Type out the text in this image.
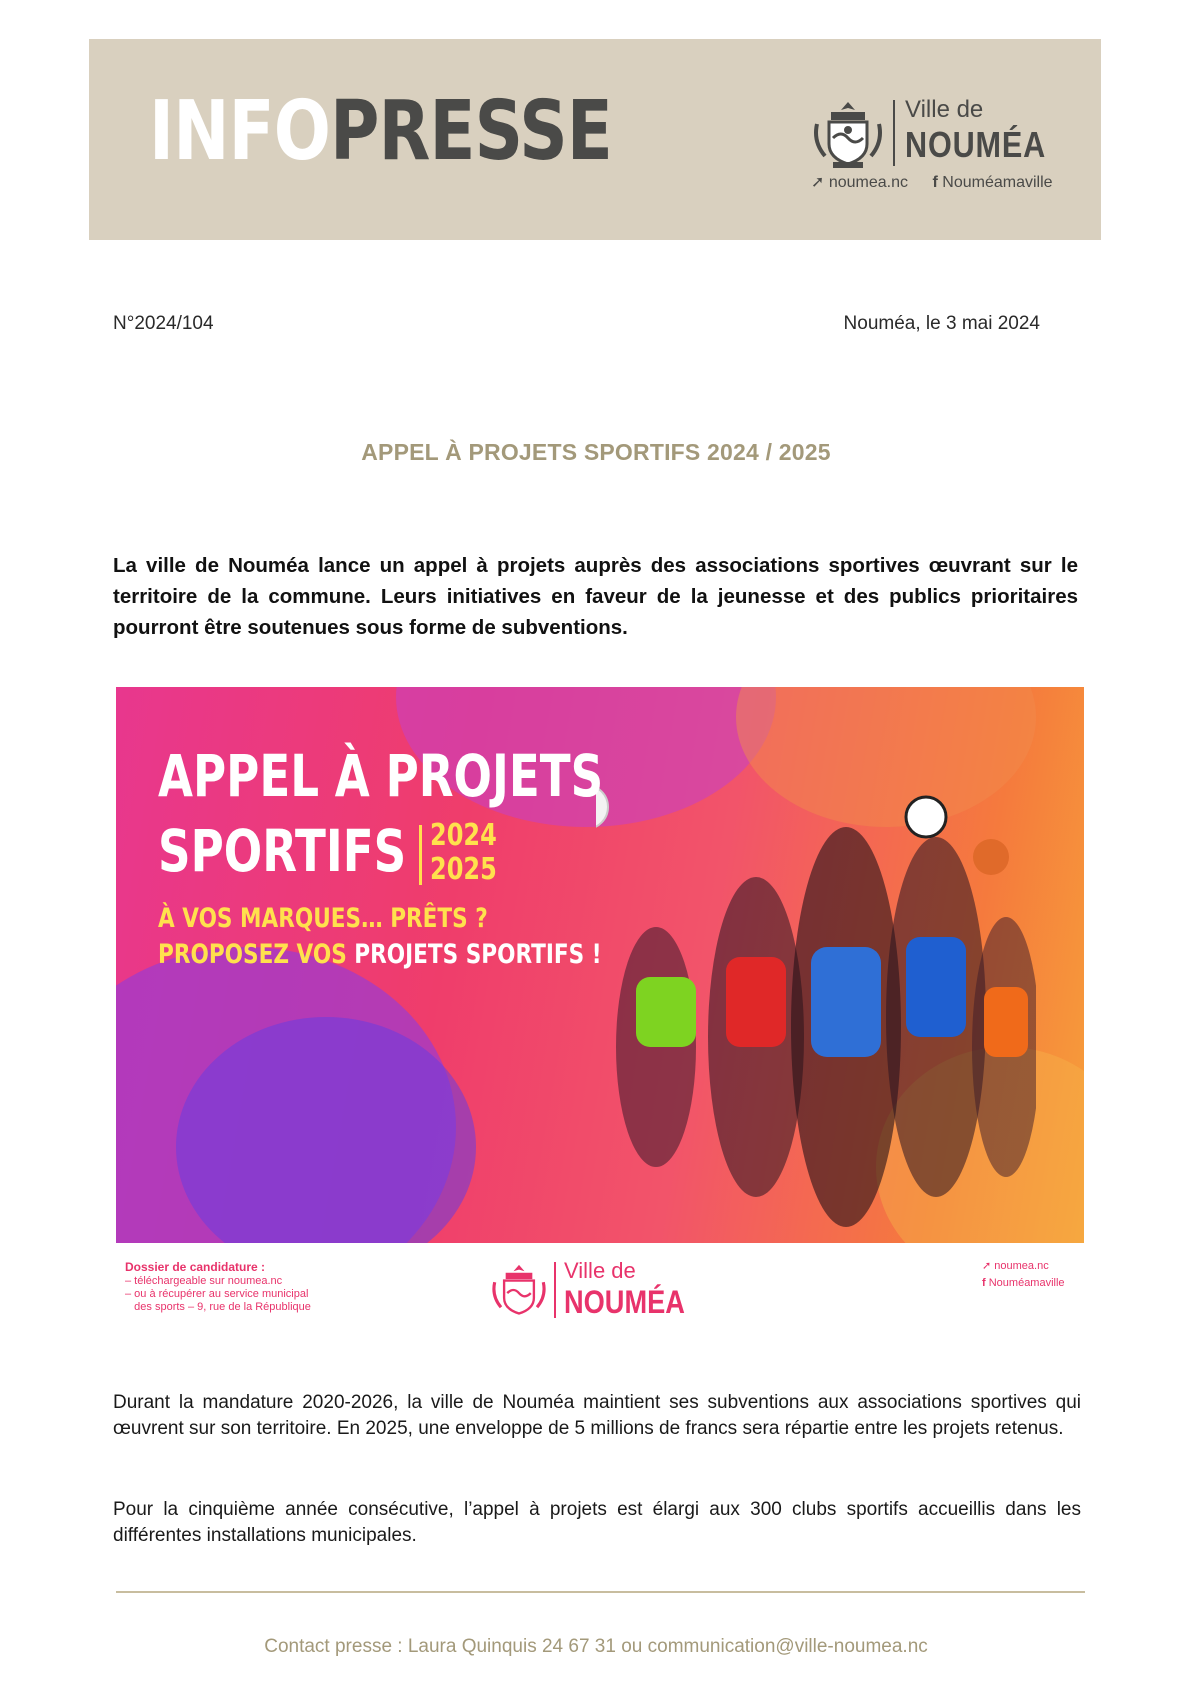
INFOPRESSE	Ville de
NOUMÉA
➚ noumea.nc f Nouméamaville
N°2024/104	Nouméa, le 3 mai 2024
APPEL À PROJETS SPORTIFS 2024 / 2025
La ville de Nouméa lance un appel à projets auprès des associations sportives œuvrant sur le territoire de la commune. Leurs initiatives en faveur de la jeunesse et des publics prioritaires pourront être soutenues sous forme de subventions.
APPEL À PROJETS
SPORTIFS 2024
2025
À VOS MARQUES… PRÊTS ?
PROPOSEZ VOS PROJETS SPORTIFS !
Dossier de candidature :
– téléchargeable sur noumea.nc
– ou à récupérer au service municipal
des sports – 9, rue de la République
Ville de
NOUMÉA
➚ noumea.nc
f Nouméamaville
Durant la mandature 2020-2026, la ville de Nouméa maintient ses subventions aux associations sportives qui œuvrent sur son territoire. En 2025, une enveloppe de 5 millions de francs sera répartie entre les projets retenus.
Pour la cinquième année consécutive, l’appel à projets est élargi aux 300 clubs sportifs accueillis dans les différentes installations municipales.
Contact presse : Laura Quinquis 24 67 31 ou communication@ville-noumea.nc
